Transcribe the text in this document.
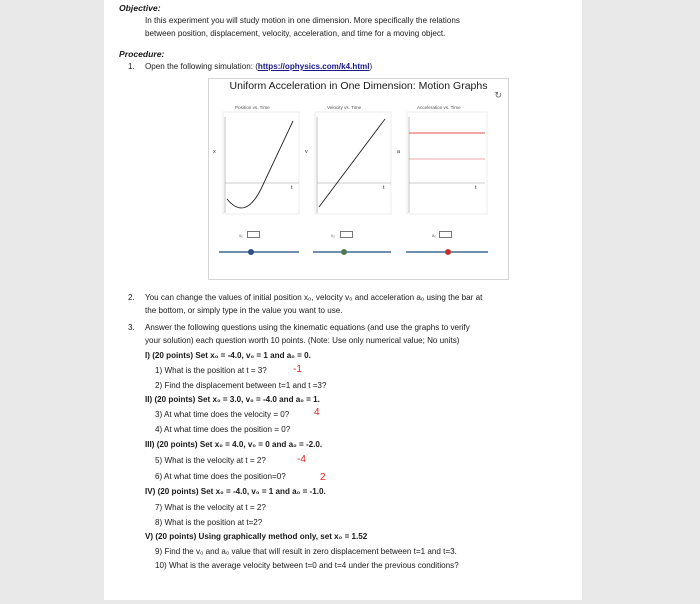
Objective:
In this experiment you will study motion in one dimension. More specifically the relations
between position, displacement, velocity, acceleration, and time for a moving object.
Procedure:
1. Open the following simulation: (https://ophysics.com/k4.html)
Uniform Acceleration in One Dimension: Motion Graphs
↻
Position vs. Time	Velocity vs. Time	Acceleration vs. Time
x
t
v
t
a
t
x₀	v₀	a₀
2. You can change the values of initial position x₀, velocity v₀ and acceleration a₀ using the bar at
the bottom, or simply type in the value you want to use.
3. Answer the following questions using the kinematic equations (and use the graphs to verify
your solution) each question worth 10 points. (Note: Use only numerical value; No units)
I) (20 points) Set x₀ = -4.0, v₀ = 1 and a₀ = 0.
1) What is the position at t = 3?	-1
2) Find the displacement between t=1 and t =3?
II) (20 points) Set x₀ = 3.0, v₀ = -4.0 and a₀ = 1.
3) At what time does the velocity = 0? 4
4) At what time does the position = 0?
III) (20 points) Set x₀ = 4.0, v₀ = 0 and a₀ = -2.0.
5) What is the velocity at t = 2?	-4
6) At what time does the position=0?	2
IV) (20 points) Set x₀ = -4.0, v₀ = 1 and a₀ = -1.0.
7) What is the velocity at t = 2?
8) What is the position at t=2?
V) (20 points) Using graphically method only, set x₀ = 1.52
9) Find the v₀ and a₀ value that will result in zero displacement between t=1 and t=3.
10) What is the average velocity between t=0 and t=4 under the previous conditions?
